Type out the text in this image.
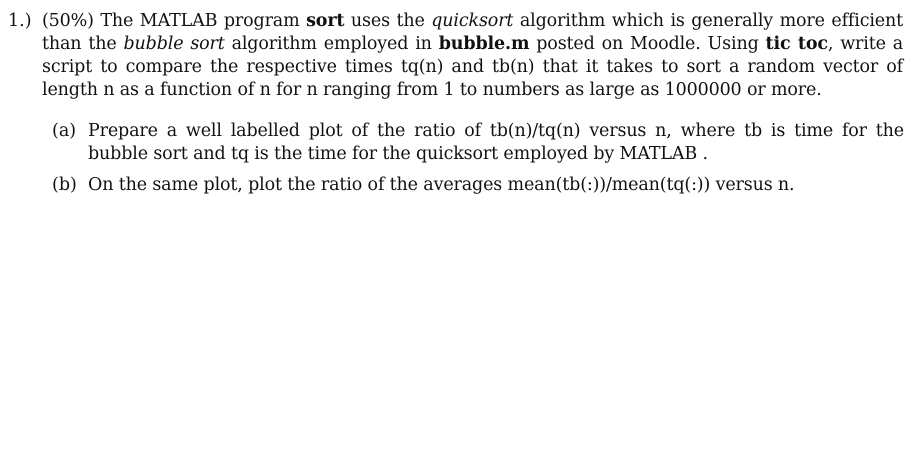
1.) (50%) The MATLAB program sort uses the quicksort algorithm which is generally more efficient than the bubble sort algorithm employed in bubble.m posted on Moodle. Using tic toc, write a script to compare the respective times tq(n) and tb(n) that it takes to sort a random vector of length n as a function of n for n ranging from 1 to numbers as large as 1000000 or more.
(a) Prepare a well labelled plot of the ratio of tb(n)/tq(n) versus n, where tb is time for the bubble sort and tq is the time for the quicksort employed by MATLAB .
(b) On the same plot, plot the ratio of the averages mean(tb(:))/mean(tq(:)) versus n.
